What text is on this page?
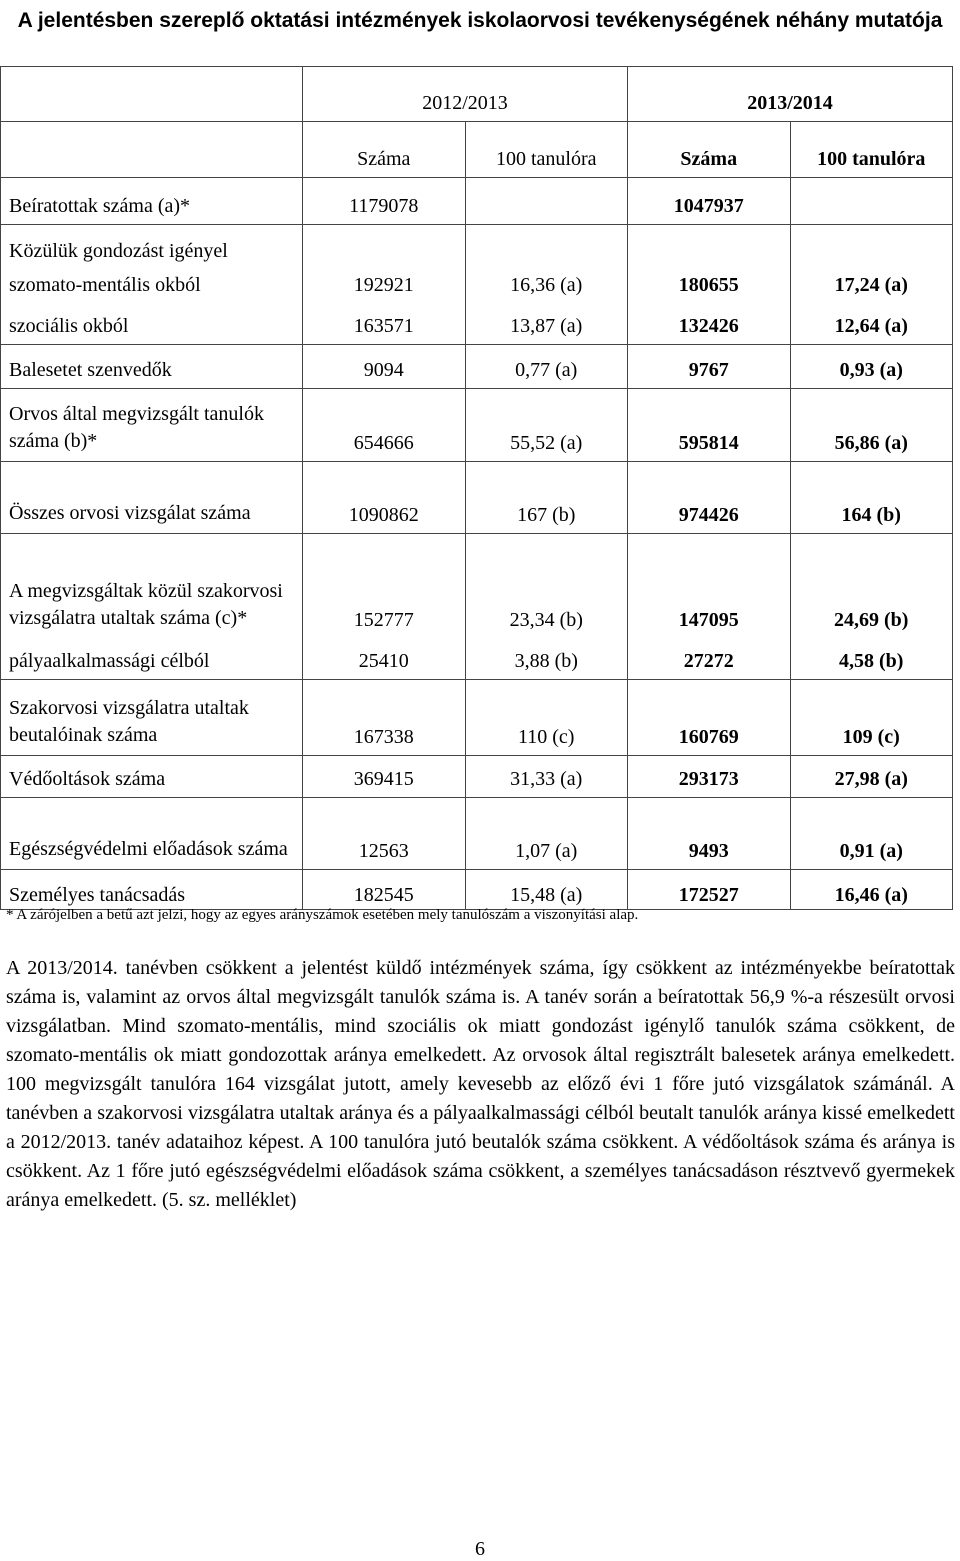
A jelentésben szereplő oktatási intézmények iskolaorvosi tevékenységének néhány mutatója
	2012/2013		2013/2014	
	Száma	100 tanulóra	Száma	100 tanulóra
Beíratottak száma (a)*	1179078		1047937	
Közülük gondozást igényel				
szomato-mentális okból	192921	16,36 (a)	180655	17,24 (a)
szociális okból	163571	13,87 (a)	132426	12,64 (a)
Balesetet szenvedők	9094	0,77 (a)	9767	0,93 (a)
Orvos által megvizsgált tanulók száma (b)*	654666	55,52 (a)	595814	56,86 (a)
Összes orvosi vizsgálat száma	1090862	167 (b)	974426	164 (b)
A megvizsgáltak közül szakorvosi vizsgálatra utaltak száma (c)*	152777	23,34 (b)	147095	24,69 (b)
pályaalkalmassági célból	25410	3,88 (b)	27272	4,58 (b)
Szakorvosi vizsgálatra utaltak beutalóinak száma	167338	110 (c)	160769	109 (c)
Védőoltások száma	369415	31,33 (a)	293173	27,98 (a)
Egészségvédelmi előadások száma	12563	1,07 (a)	9493	0,91 (a)
Személyes tanácsadás	182545	15,48 (a)	172527	16,46 (a)
* A zárójelben a betű azt jelzi, hogy az egyes arányszámok esetében mely tanulószám a viszonyítási alap.

A 2013/2014. tanévben csökkent a jelentést küldő intézmények száma, így csökkent az intézményekbe beíratottak száma is, valamint az orvos által megvizsgált tanulók száma is. A tanév során a beíratottak 56,9 %-a részesült orvosi vizsgálatban. Mind szomato-mentális, mind szociális ok miatt gondozást igénylő tanulók száma csökkent, de szomato-mentális ok miatt gondozottak aránya emelkedett. Az orvosok által regisztrált balesetek aránya emelkedett. 100 megvizsgált tanulóra 164 vizsgálat jutott, amely kevesebb az előző évi 1 főre jutó vizsgálatok számánál. A tanévben a szakorvosi vizsgálatra utaltak aránya és a pályaalkalmassági célból beutalt tanulók aránya kissé emelkedett a 2012/2013. tanév adataihoz képest. A 100 tanulóra jutó beutalók száma csökkent. A védőoltások száma és aránya is csökkent. Az 1 főre jutó egészségvédelmi előadások száma csökkent, a személyes tanácsadáson résztvevő gyermekek aránya emelkedett. (5. sz. melléklet)

6
